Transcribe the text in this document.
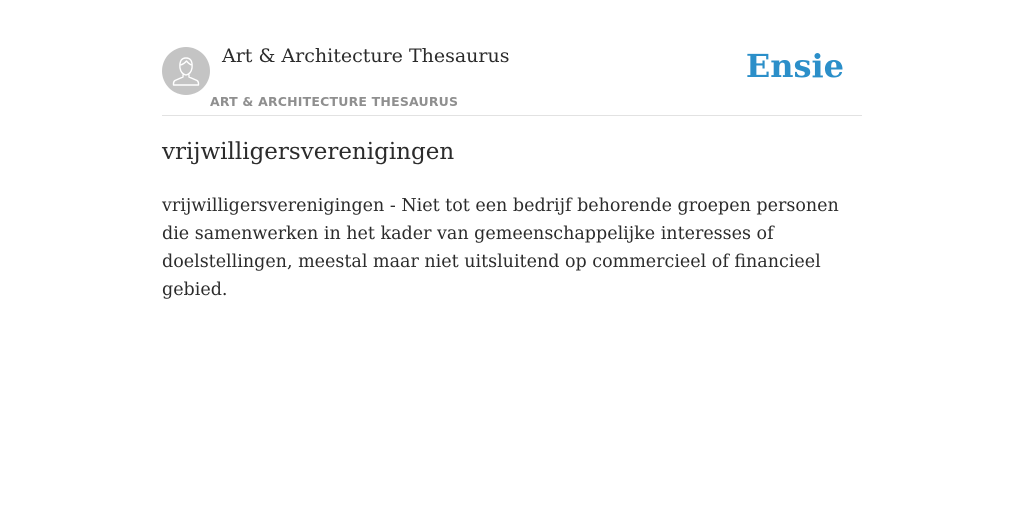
Art & Architecture Thesaurus
ART & ARCHITECTURE THESAURUS
Ensie
vrijwilligersverenigingen

vrijwilligersverenigingen - Niet tot een bedrijf behorende groepen personen die samenwerken in het kader van gemeenschappelijke interesses of doelstellingen, meestal maar niet uitsluitend op commercieel of financieel gebied.
